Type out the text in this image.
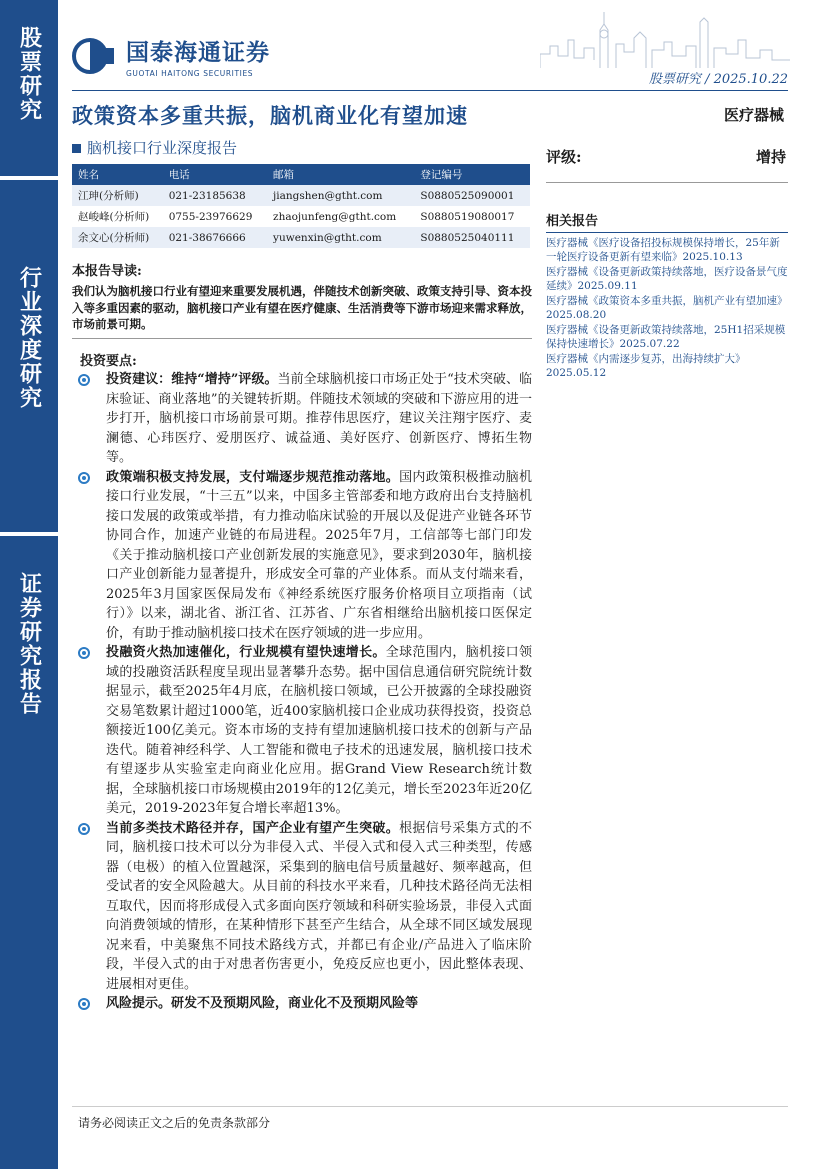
股票研究
行业深度研究
证券研究报告
国泰海通证券
GUOTAI HAITONG SECURITIES	股票研究 / 2025.10.22
政策资本多重共振，脑机商业化有望加速	医疗器械
脑机接口行业深度报告	评级:	增持
姓名	电话	邮箱	登记编号
江珅(分析师)	021-23185638	jiangshen@gtht.com	S0880525090001
赵峻峰(分析师)	0755-23976629	zhaojunfeng@gtht.com	S0880519080017
余文心(分析师)	021-38676666	yuwenxin@gtht.com	S0880525040111
相关报告
医疗器械《医疗设备招投标规模保持增长，25年新一轮医疗设备更新有望来临》2025.10.13
医疗器械《设备更新政策持续落地，医疗设备景气度延续》2025.09.11
医疗器械《政策资本多重共振，脑机产业有望加速》2025.08.20
医疗器械《设备更新政策持续落地，25H1招采规模保持快速增长》2025.07.22
医疗器械《内需逐步复苏，出海持续扩大》2025.05.12
本报告导读:
我们认为脑机接口行业有望迎来重要发展机遇，伴随技术创新突破、政策支持引导、资本投入等多重因素的驱动，脑机接口产业有望在医疗健康、生活消费等下游市场迎来需求释放，市场前景可期。
投资要点:
投资建议：维持“增持”评级。当前全球脑机接口市场正处于“技术突破、临床验证、商业落地”的关键转折期。伴随技术领域的突破和下游应用的进一步打开，脑机接口市场前景可期。推荐伟思医疗，建议关注翔宇医疗、麦澜德、心玮医疗、爱朋医疗、诚益通、美好医疗、创新医疗、博拓生物等。
政策端积极支持发展，支付端逐步规范推动落地。国内政策积极推动脑机接口行业发展，“十三五”以来，中国多主管部委和地方政府出台支持脑机接口发展的政策或举措，有力推动临床试验的开展以及促进产业链各环节协同合作，加速产业链的布局进程。2025年7月，工信部等七部门印发《关于推动脑机接口产业创新发展的实施意见》，要求到2030年，脑机接口产业创新能力显著提升，形成安全可靠的产业体系。而从支付端来看，2025年3月国家医保局发布《神经系统医疗服务价格项目立项指南（试行）》以来，湖北省、浙江省、江苏省、广东省相继给出脑机接口医保定价，有助于推动脑机接口技术在医疗领域的进一步应用。
投融资火热加速催化，行业规模有望快速增长。全球范围内，脑机接口领域的投融资活跃程度呈现出显著攀升态势。据中国信息通信研究院统计数据显示，截至2025年4月底，在脑机接口领域，已公开披露的全球投融资交易笔数累计超过1000笔，近400家脑机接口企业成功获得投资，投资总额接近100亿美元。资本市场的支持有望加速脑机接口技术的创新与产品迭代。随着神经科学、人工智能和微电子技术的迅速发展，脑机接口技术有望逐步从实验室走向商业化应用。据Grand View Research统计数据，全球脑机接口市场规模由2019年的12亿美元，增长至2023年近20亿美元，2019-2023年复合增长率超13%。
当前多类技术路径并存，国产企业有望产生突破。根据信号采集方式的不同，脑机接口技术可以分为非侵入式、半侵入式和侵入式三种类型，传感器（电极）的植入位置越深，采集到的脑电信号质量越好、频率越高，但受试者的安全风险越大。从目前的科技水平来看，几种技术路径尚无法相互取代，因而将形成侵入式多面向医疗领域和科研实验场景，非侵入式面向消费领域的情形，在某种情形下甚至产生结合，从全球不同区域发展现况来看，中美聚焦不同技术路线方式，并都已有企业/产品进入了临床阶段，半侵入式的由于对患者伤害更小，免疫反应也更小，因此整体表现、进展相对更佳。
风险提示。研发不及预期风险，商业化不及预期风险等
请务必阅读正文之后的免责条款部分
